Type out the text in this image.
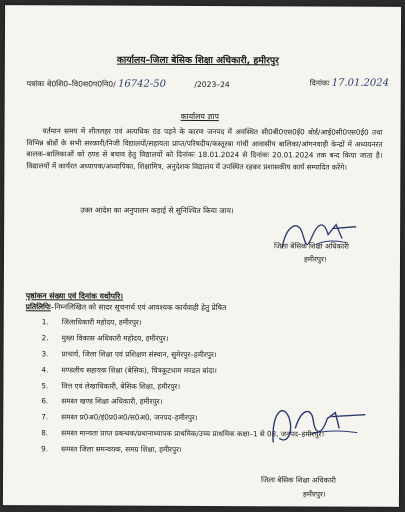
कार्यालय–जिला बेसिक शिक्षा अधिकारी, हमीरपुर
पत्रांकः बे0शि0–वि0स0प0नि0/ 16742-50	/2023–24	दिनांकः 17.01.2024
कार्यालय ज्ञाप
वर्तमान समय में शीतलहर एवं अत्यधिक ठंड पड़ने के कारण जनपद में अवस्थित सी0बी0एस0ई0 बोर्ड/आई0सी0एस0ई0 तथा विभिन्न बोर्डो के सभी सरकारी/निजी विद्यालयों/सहायता प्राप्त/परिषदीय/कस्तूरबा गांधी आवासीय बालिका/आंगनवाड़ी केन्द्रों में अध्ययनरत बालक–बालिकाओं को ठण्ड से बचाव हेतु विद्यालयों को दिनांकः 18.01.2024 से दिनांकः 20.01.2024 तक बन्द किया जाता है। विद्यालयों में कार्यरत अध्यापक/अध्यापिका, शिक्षामित्र, अनुदेशक विद्यालय में उपस्थित रहकर प्रशासकीय कार्य सम्पादित करेंगे।
उक्त आदेश का अनुपालन कड़ाई से सुनिश्चित किया जाय।
जिला बेसिक शिक्षा अधिकारी
हमीरपुर।
पृष्ठांकन संख्या एवं दिनांक यथोपरि।
प्रतिलिपिः–निम्नलिखित को सादर सूचनार्थ एवं आवश्यक कार्यवाही हेतु प्रेषित
1. जिलाधिकारी महोदय, हमीरपुर।
2. मुख्य विकास अधिकारी महोदय, हमीरपुर।
3. प्राचार्य, जिला शिक्षा एवं प्रशिक्षण संस्थान, सुमेरपुर–हमीरपुर।
4. मण्डलीय सहायक शिक्षा (बेसिक), चित्रकूटधाम मण्डल बांदा।
5. वित्त एवं लेखाधिकारी, बेसिक शिक्षा, हमीरपुर।
6. समस्त खण्ड शिक्षा अधिकारी, हमीरपुर।
7. समस्त प्र0अ0/इं0प्र0अ0/स0अ0, जनपद–हमीरपुर।
8. समस्त मान्यता प्राप्त प्रबन्धक/प्रधानाध्यापक प्राथमिक/उच्च प्राथमिक कक्षा–1 से 08, जनपद–हमीरपुर।
9. समस्त जिला समन्वयक, समग्र शिक्षा, हमीरपुर।
जिला बेसिक शिक्षा अधिकारी
हमीरपुर।
